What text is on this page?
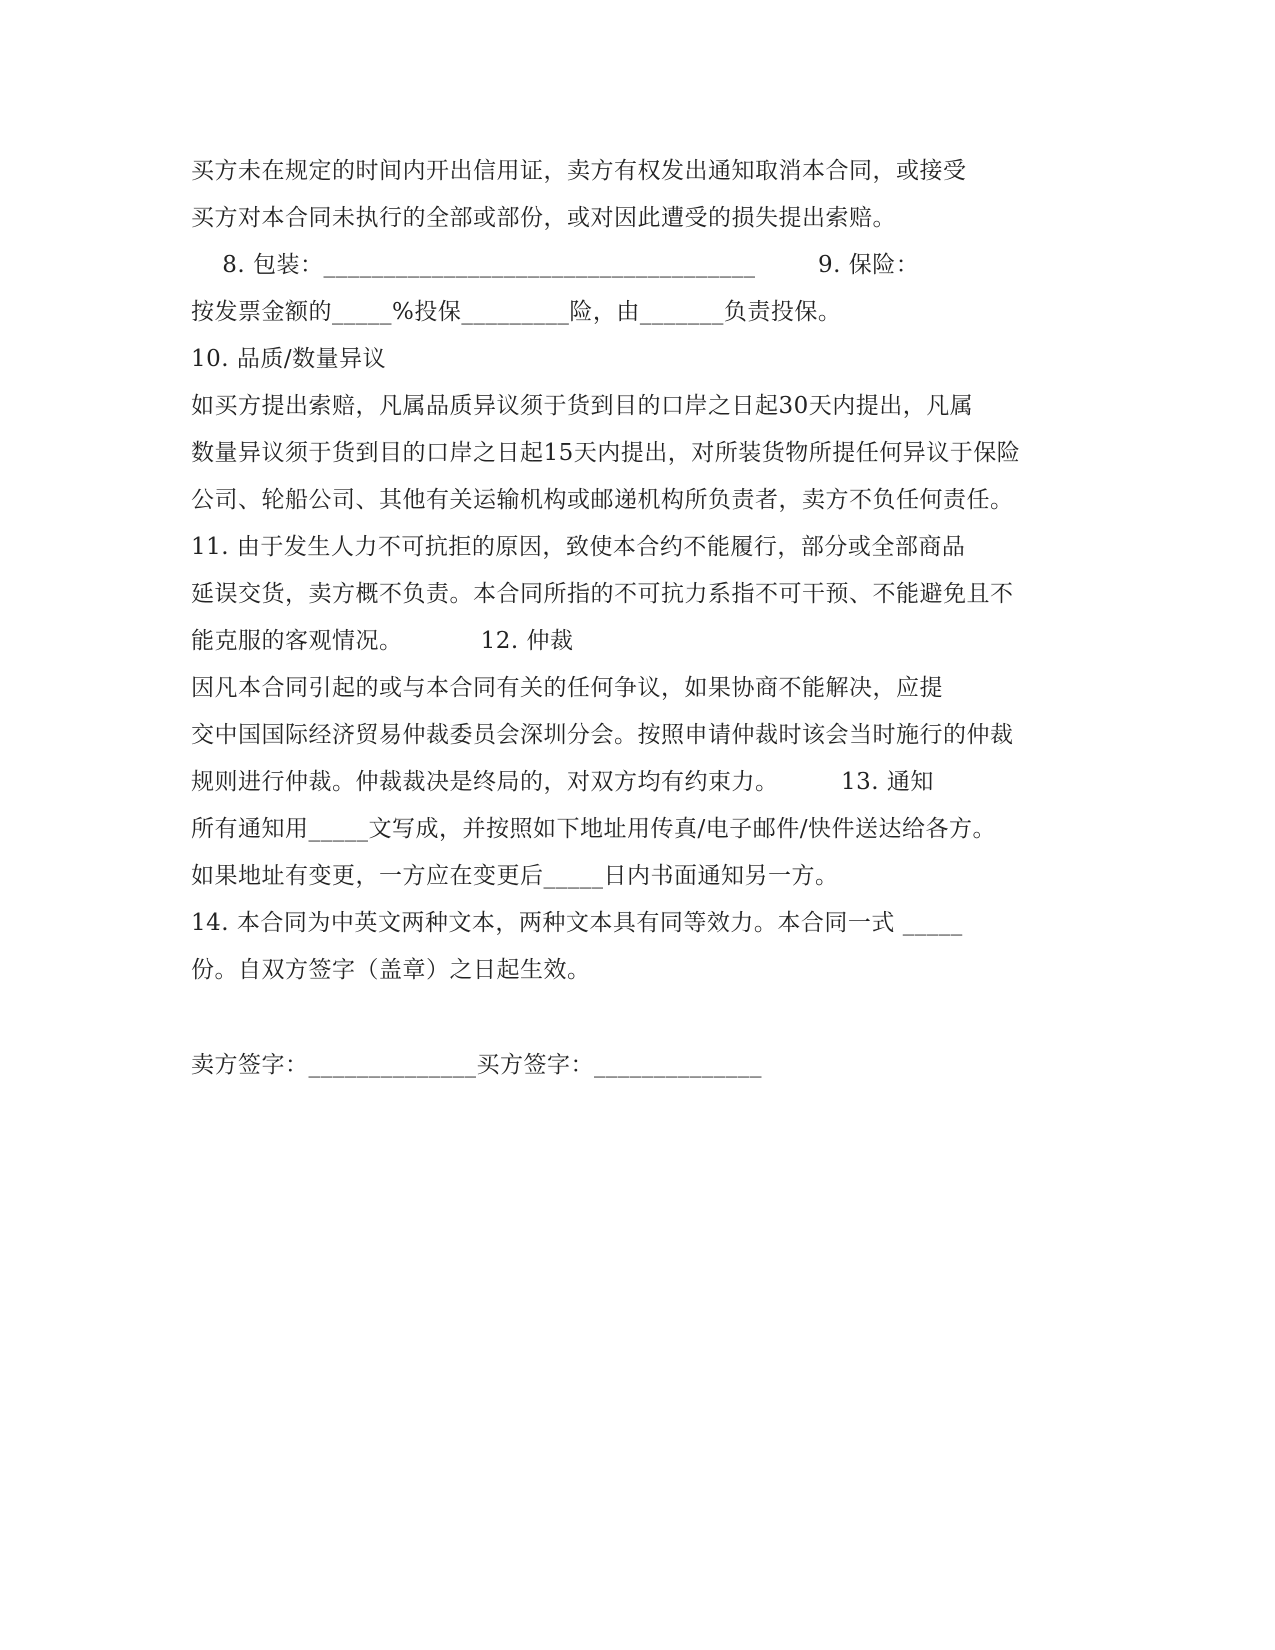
买方未在规定的时间内开出信用证，卖方有权发出通知取消本合同，或接受
买方对本合同未执行的全部或部份，或对因此遭受的损失提出索赔。
8. 包装：____________________________________        9. 保险：
按发票金额的_____%投保_________险，由_______负责投保。
10. 品质/数量异议
如买方提出索赔，凡属品质异议须于货到目的口岸之日起30天内提出，凡属
数量异议须于货到目的口岸之日起15天内提出，对所装货物所提任何异议于保险
公司、轮船公司、其他有关运输机构或邮递机构所负责者，卖方不负任何责任。
11. 由于发生人力不可抗拒的原因，致使本合约不能履行，部分或全部商品
延误交货，卖方概不负责。本合同所指的不可抗力系指不可干预、不能避免且不
能克服的客观情况。          12. 仲裁
因凡本合同引起的或与本合同有关的任何争议，如果协商不能解决，应提
交中国国际经济贸易仲裁委员会深圳分会。按照申请仲裁时该会当时施行的仲裁
规则进行仲裁。仲裁裁决是终局的，对双方均有约束力。        13. 通知
所有通知用_____文写成，并按照如下地址用传真/电子邮件/快件送达给各方。
如果地址有变更，一方应在变更后_____日内书面通知另一方。
14. 本合同为中英文两种文本，两种文本具有同等效力。本合同一式 _____
份。自双方签字（盖章）之日起生效。
卖方签字：______________买方签字：______________
